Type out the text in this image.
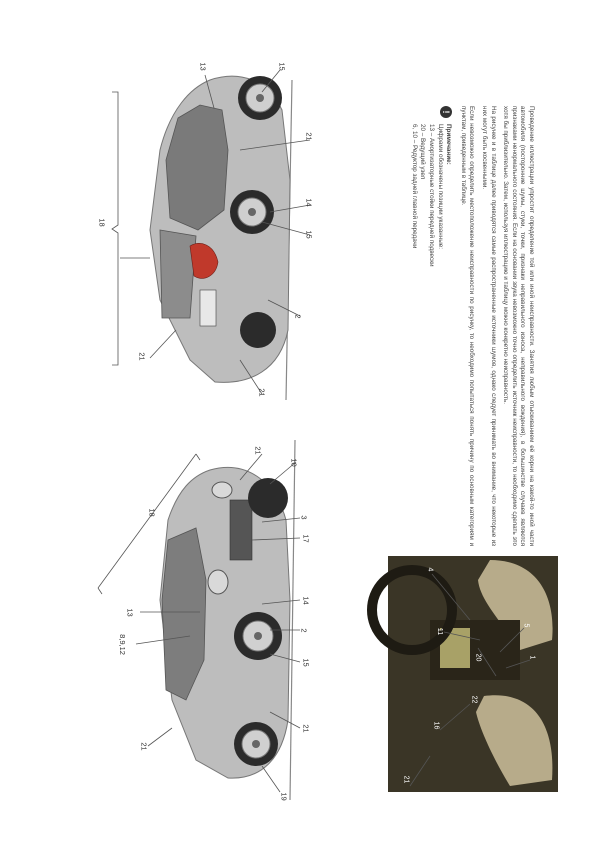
13	15
21
14
15
18
2
21
21
21
10
18
3
17
14
2
15
21
19
13
8,9,12
21
4
11
5
1
20
16
22
21

Проведение иллюстрации упростит определение той или иной неисправности. Занятия любым отыскиванием её корни на какой-то иной части автомобиля (посторонние шумы, стуки, точки, признаки неправильного износа, неправильного вождения), в большинстве случаев являются признаками ненормального состояния. Если на основании звука невозможно точно определить источник неисправности, то необходимо сделать это хотя бы приблизительно. Затем, используя иллюстрацию и таблицу можно конкретно неисправность.

На рисунке и в таблице далее приводятся самые распространенные источники шумов, однако следует принимать во внимание, что некоторые из них могут быть косвенными.

Если невозможно определить местоположение неисправности по рисунку, то необходимо попытаться понять причину по основным категориям и пунктам, приведенным в таблице.

!
Примечание:
Цифрами обозначены позиции указанные:
13 – Амортизаторные стойки передней подвески
20 – Ведущий узел
6, 10 – Редуктор задней главной передачи
